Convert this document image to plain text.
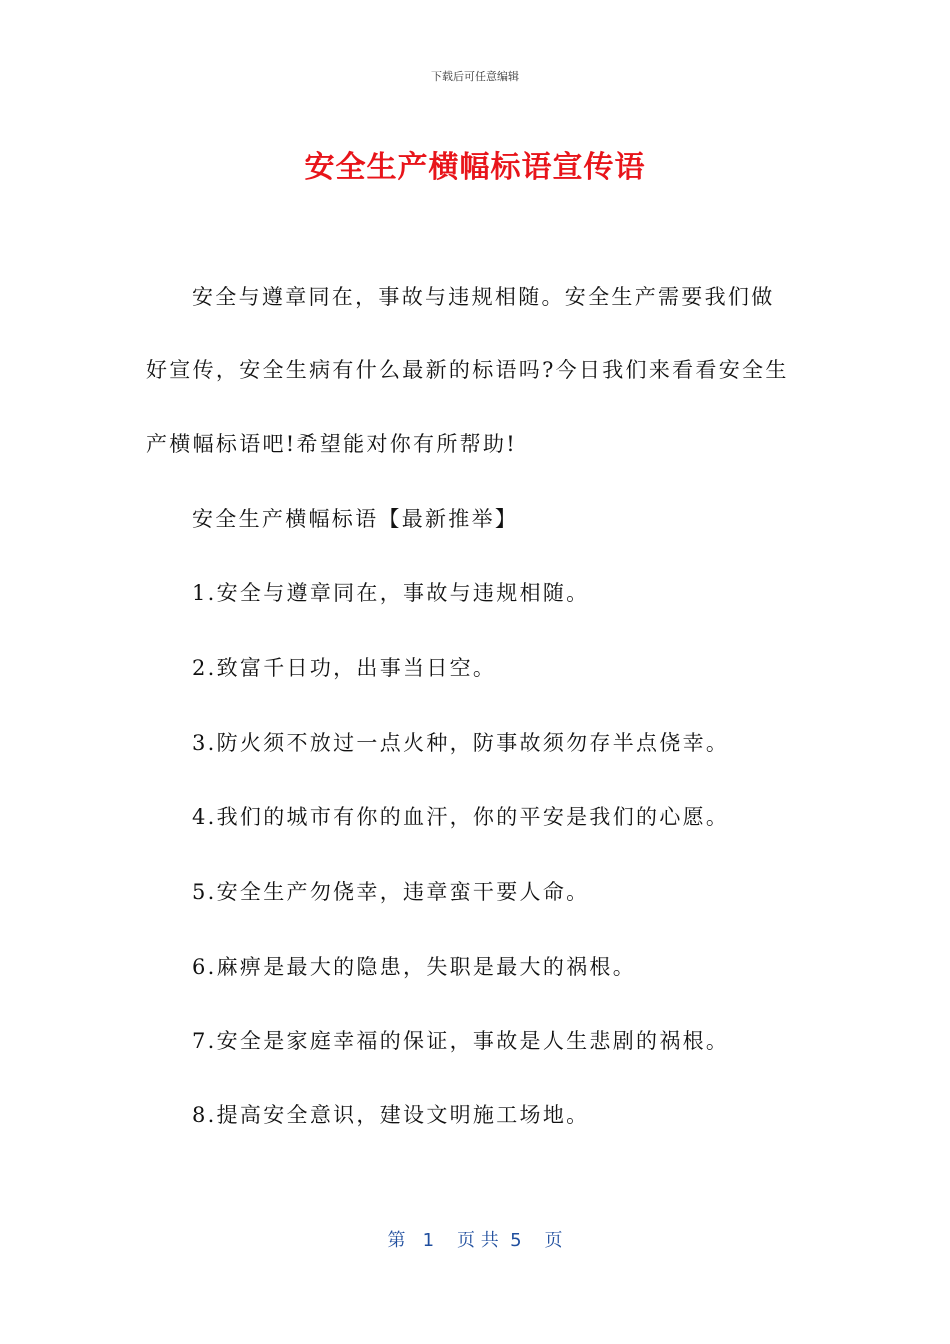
下载后可任意编辑
安全生产横幅标语宣传语
安全与遵章同在，事故与违规相随。安全生产需要我们做
好宣传，安全生病有什么最新的标语吗?今日我们来看看安全生
产横幅标语吧!希望能对你有所帮助!
安全生产横幅标语【最新推举】
1.安全与遵章同在，事故与违规相随。
2.致富千日功，出事当日空。
3.防火须不放过一点火种，防事故须勿存半点侥幸。
4.我们的城市有你的血汗，你的平安是我们的心愿。
5.安全生产勿侥幸，违章蛮干要人命。
6.麻痹是最大的隐患，失职是最大的祸根。
7.安全是家庭幸福的保证，事故是人生悲剧的祸根。
8.提高安全意识，建设文明施工场地。
第   1    页 共  5    页
